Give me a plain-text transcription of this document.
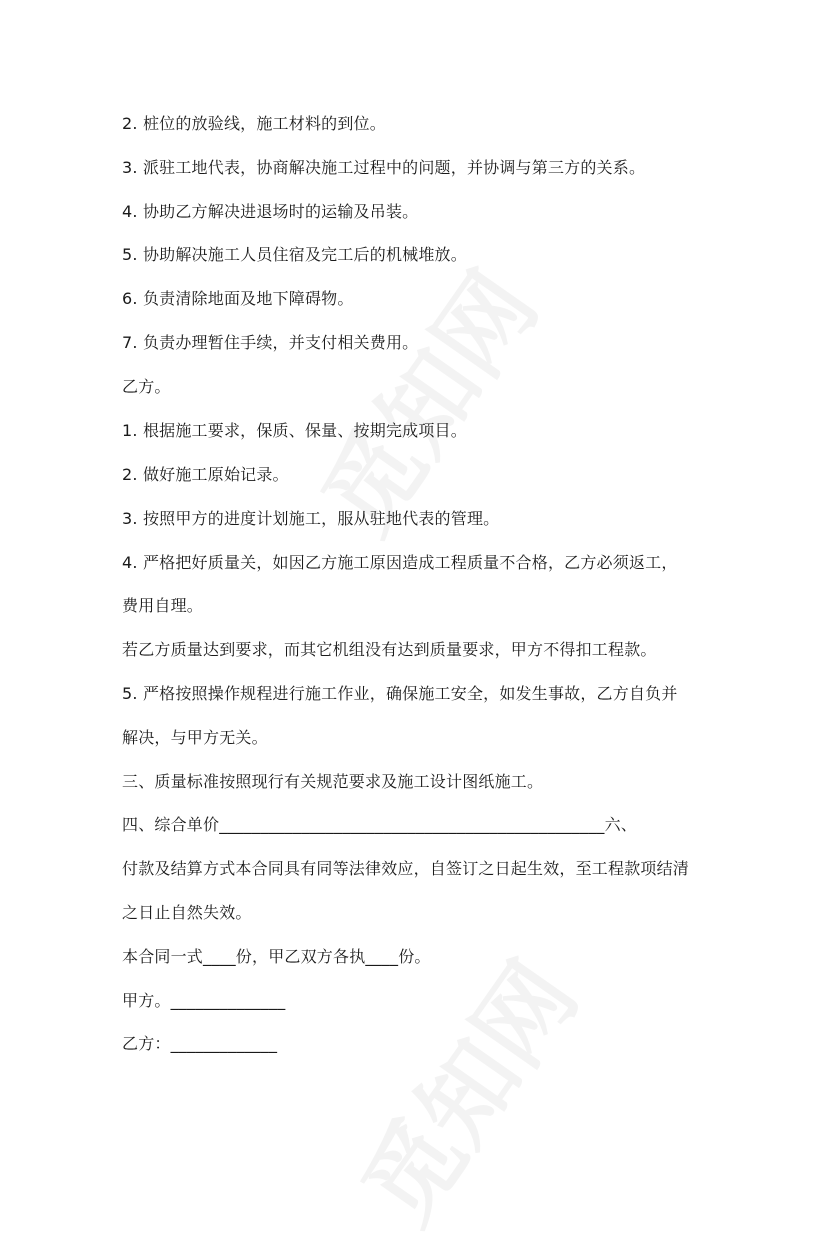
2. 桩位的放验线，施工材料的到位。
3. 派驻工地代表，协商解决施工过程中的问题，并协调与第三方的关系。
4. 协助乙方解决进退场时的运输及吊装。
5. 协助解决施工人员住宿及完工后的机械堆放。
6. 负责清除地面及地下障碍物。
7. 负责办理暂住手续，并支付相关费用。
乙方。
1. 根据施工要求，保质、保量、按期完成项目。
2. 做好施工原始记录。
3. 按照甲方的进度计划施工，服从驻地代表的管理。
4. 严格把好质量关，如因乙方施工原因造成工程质量不合格，乙方必须返工，
费用自理。
若乙方质量达到要求，而其它机组没有达到质量要求，甲方不得扣工程款。
5. 严格按照操作规程进行施工作业，确保施工安全，如发生事故，乙方自负并
解决，与甲方无关。
三、质量标准按照现行有关规范要求及施工设计图纸施工。
四、综合单价_______________________________________________六、
付款及结算方式本合同具有同等法律效应，自签订之日起生效，至工程款项结清
之日止自然失效。
本合同一式____份，甲乙双方各执____份。
甲方。______________
乙方：_____________
